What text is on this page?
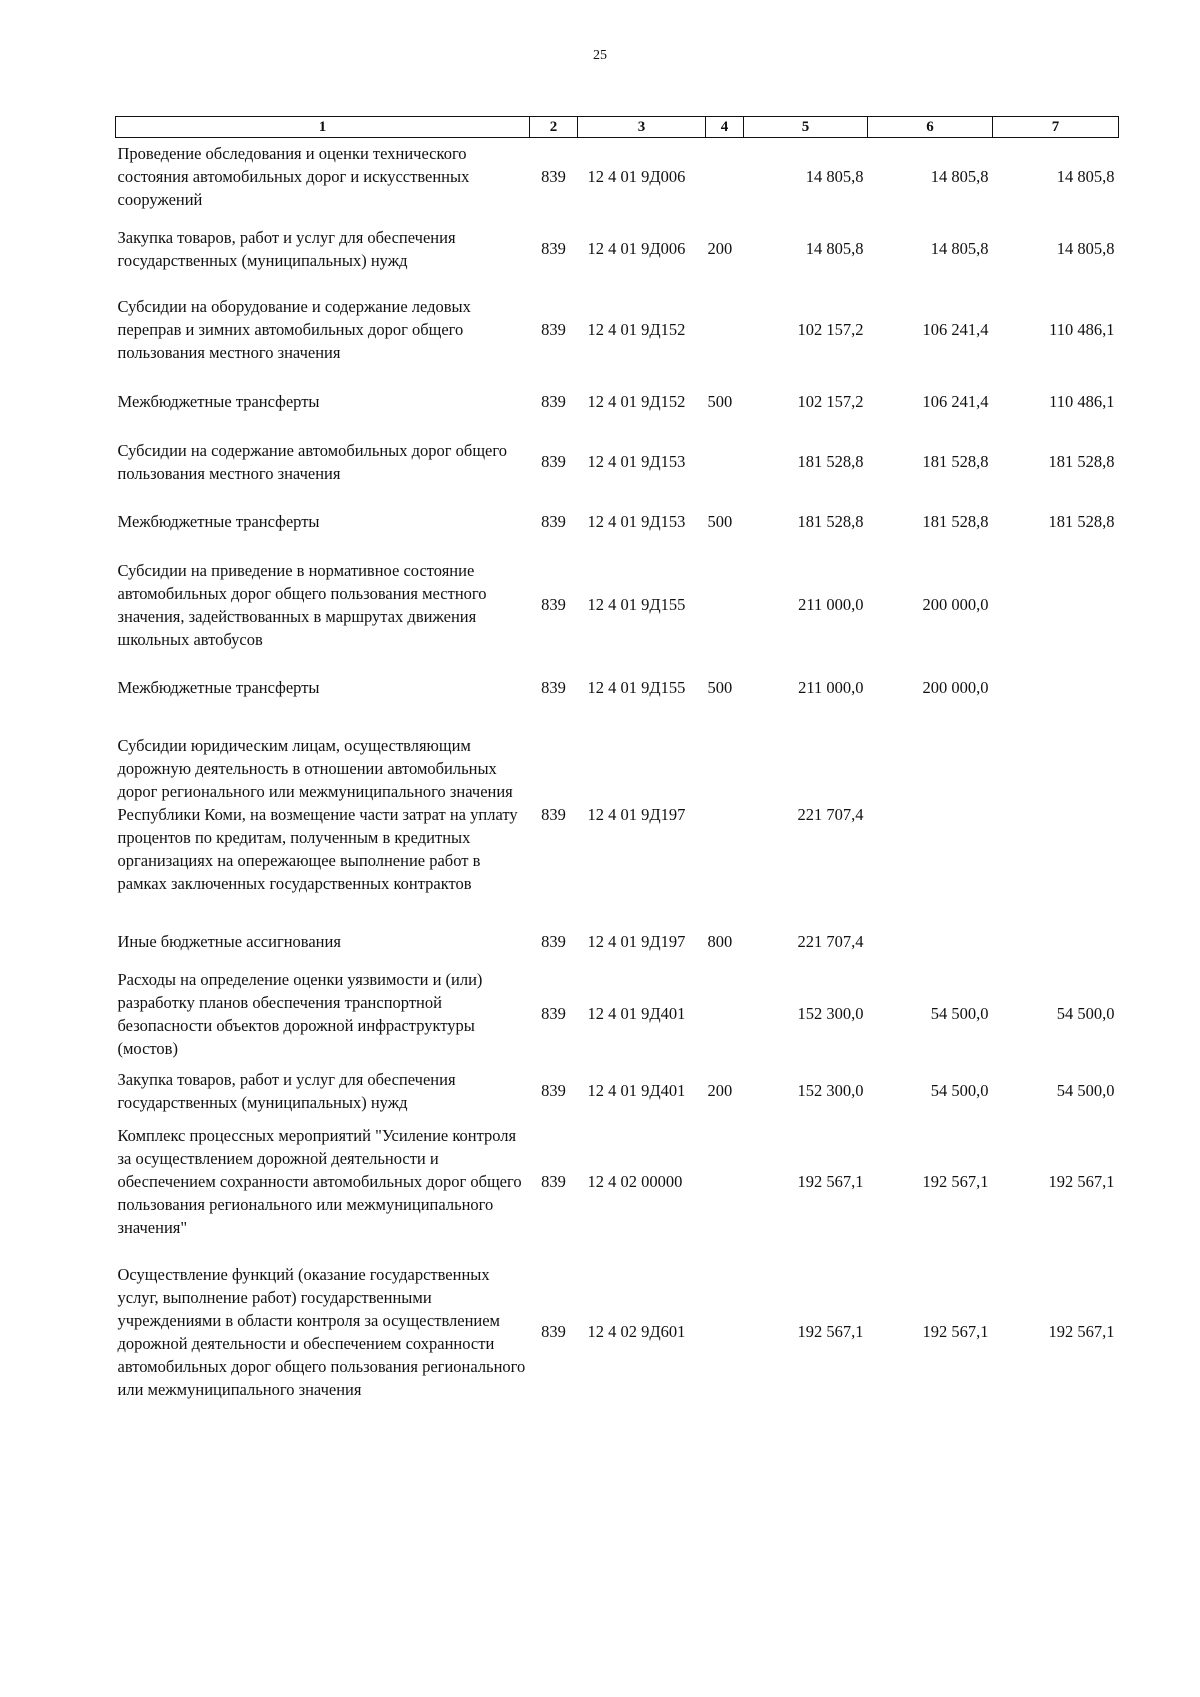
25
1	2	3	4	5	6	7
Проведение обследования и оценки технического состояния автомобильных дорог и искусственных сооружений	839	12 4 01 9Д006		14 805,8	14 805,8	14 805,8
Закупка товаров, работ и услуг для обеспечения государственных (муниципальных) нужд	839	12 4 01 9Д006	200	14 805,8	14 805,8	14 805,8
Субсидии на оборудование и содержание ледовых переправ и зимних автомобильных дорог общего пользования местного значения	839	12 4 01 9Д152		102 157,2	106 241,4	110 486,1
Межбюджетные трансферты	839	12 4 01 9Д152	500	102 157,2	106 241,4	110 486,1
Субсидии на содержание автомобильных дорог общего пользования местного значения	839	12 4 01 9Д153		181 528,8	181 528,8	181 528,8
Межбюджетные трансферты	839	12 4 01 9Д153	500	181 528,8	181 528,8	181 528,8
Субсидии на приведение в нормативное состояние автомобильных дорог общего пользования местного значения, задействованных в маршрутах движения школьных автобусов	839	12 4 01 9Д155		211 000,0	200 000,0	
Межбюджетные трансферты	839	12 4 01 9Д155	500	211 000,0	200 000,0	
Субсидии юридическим лицам, осуществляющим дорожную деятельность в отношении автомобильных дорог регионального или межмуниципального значения Республики Коми, на возмещение части затрат на уплату процентов по кредитам, полученным в кредитных организациях на опережающее выполнение работ в рамках заключенных государственных контрактов	839	12 4 01 9Д197		221 707,4		
Иные бюджетные ассигнования	839	12 4 01 9Д197	800	221 707,4		
Расходы на определение оценки уязвимости и (или) разработку планов обеспечения транспортной безопасности объектов дорожной инфраструктуры (мостов)	839	12 4 01 9Д401		152 300,0	54 500,0	54 500,0
Закупка товаров, работ и услуг для обеспечения государственных (муниципальных) нужд	839	12 4 01 9Д401	200	152 300,0	54 500,0	54 500,0
Комплекс процессных мероприятий "Усиление контроля за осуществлением дорожной деятельности и обеспечением сохранности автомобильных дорог общего пользования регионального или межмуниципального значения"	839	12 4 02 00000		192 567,1	192 567,1	192 567,1
Осуществление функций (оказание государственных услуг, выполнение работ) государственными учреждениями в области контроля за осуществлением дорожной деятельности и обеспечением сохранности автомобильных дорог общего пользования регионального или межмуниципального значения	839	12 4 02 9Д601		192 567,1	192 567,1	192 567,1
